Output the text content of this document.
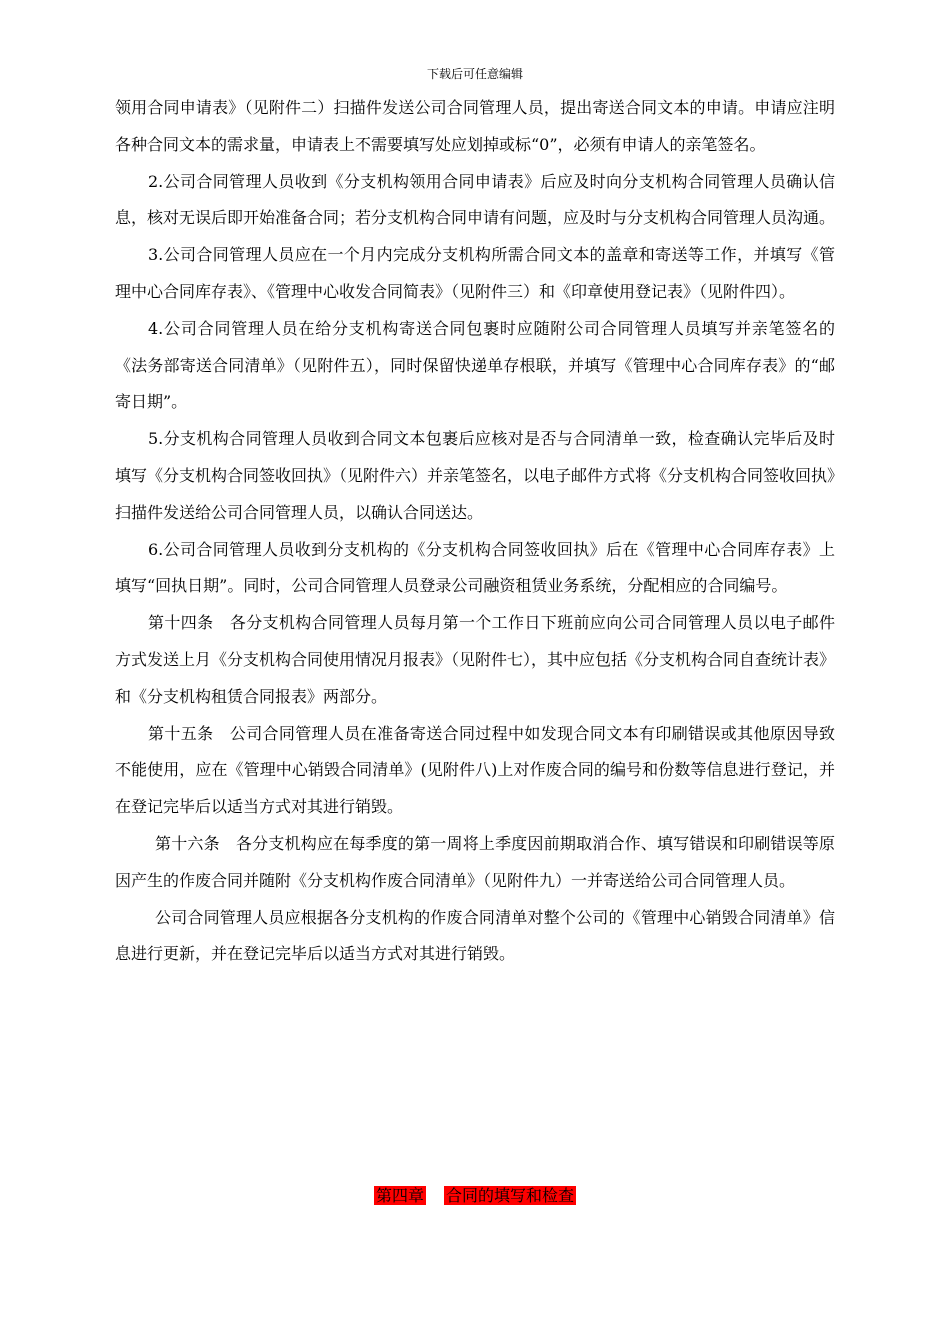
下载后可任意编辑

领用合同申请表》（见附件二）扫描件发送公司合同管理人员，提出寄送合同文本的申请。申请应注明各种合同文本的需求量，申请表上不需要填写处应划掉或标“0”，必须有申请人的亲笔签名。

2.公司合同管理人员收到《分支机构领用合同申请表》后应及时向分支机构合同管理人员确认信息，核对无误后即开始准备合同；若分支机构合同申请有问题，应及时与分支机构合同管理人员沟通。

3.公司合同管理人员应在一个月内完成分支机构所需合同文本的盖章和寄送等工作，并填写《管理中心合同库存表》、《管理中心收发合同简表》（见附件三）和《印章使用登记表》（见附件四）。

4.公司合同管理人员在给分支机构寄送合同包裹时应随附公司合同管理人员填写并亲笔签名的《法务部寄送合同清单》（见附件五），同时保留快递单存根联，并填写《管理中心合同库存表》的“邮寄日期”。

5.分支机构合同管理人员收到合同文本包裹后应核对是否与合同清单一致，检查确认完毕后及时填写《分支机构合同签收回执》（见附件六）并亲笔签名，以电子邮件方式将《分支机构合同签收回执》扫描件发送给公司合同管理人员，以确认合同送达。

6.公司合同管理人员收到分支机构的《分支机构合同签收回执》后在《管理中心合同库存表》上填写“回执日期”。同时，公司合同管理人员登录公司融资租赁业务系统，分配相应的合同编号。

第十四条　各分支机构合同管理人员每月第一个工作日下班前应向公司合同管理人员以电子邮件方式发送上月《分支机构合同使用情况月报表》（见附件七），其中应包括《分支机构合同自查统计表》和《分支机构租赁合同报表》两部分。

第十五条　公司合同管理人员在准备寄送合同过程中如发现合同文本有印刷错误或其他原因导致不能使用，应在《管理中心销毁合同清单》(见附件八)上对作废合同的编号和份数等信息进行登记，并在登记完毕后以适当方式对其进行销毁。

第十六条　各分支机构应在每季度的第一周将上季度因前期取消合作、填写错误和印刷错误等原因产生的作废合同并随附《分支机构作废合同清单》（见附件九）一并寄送给公司合同管理人员。

公司合同管理人员应根据各分支机构的作废合同清单对整个公司的《管理中心销毁合同清单》信息进行更新，并在登记完毕后以适当方式对其进行销毁。

第四章 合同的填写和检查
